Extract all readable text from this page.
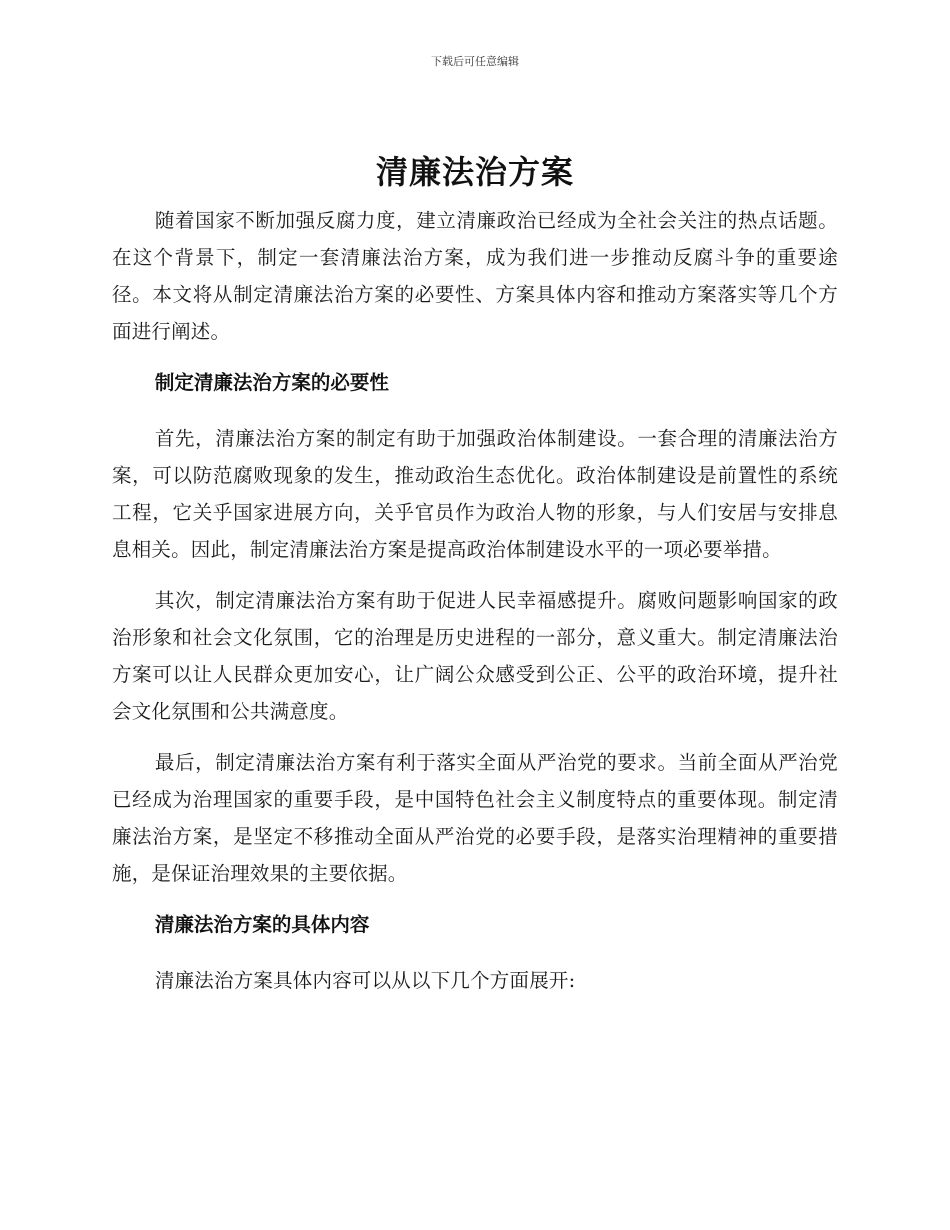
下载后可任意编辑
清廉法治方案

随着国家不断加强反腐力度，建立清廉政治已经成为全社会关注的热点话题。在这个背景下，制定一套清廉法治方案，成为我们进一步推动反腐斗争的重要途径。本文将从制定清廉法治方案的必要性、方案具体内容和推动方案落实等几个方面进行阐述。

制定清廉法治方案的必要性

首先，清廉法治方案的制定有助于加强政治体制建设。一套合理的清廉法治方案，可以防范腐败现象的发生，推动政治生态优化。政治体制建设是前置性的系统工程，它关乎国家进展方向，关乎官员作为政治人物的形象，与人们安居与安排息息相关。因此，制定清廉法治方案是提高政治体制建设水平的一项必要举措。

其次，制定清廉法治方案有助于促进人民幸福感提升。腐败问题影响国家的政治形象和社会文化氛围，它的治理是历史进程的一部分，意义重大。制定清廉法治方案可以让人民群众更加安心，让广阔公众感受到公正、公平的政治环境，提升社会文化氛围和公共满意度。

最后，制定清廉法治方案有利于落实全面从严治党的要求。当前全面从严治党已经成为治理国家的重要手段，是中国特色社会主义制度特点的重要体现。制定清廉法治方案，是坚定不移推动全面从严治党的必要手段，是落实治理精神的重要措施，是保证治理效果的主要依据。

清廉法治方案的具体内容

清廉法治方案具体内容可以从以下几个方面展开:
